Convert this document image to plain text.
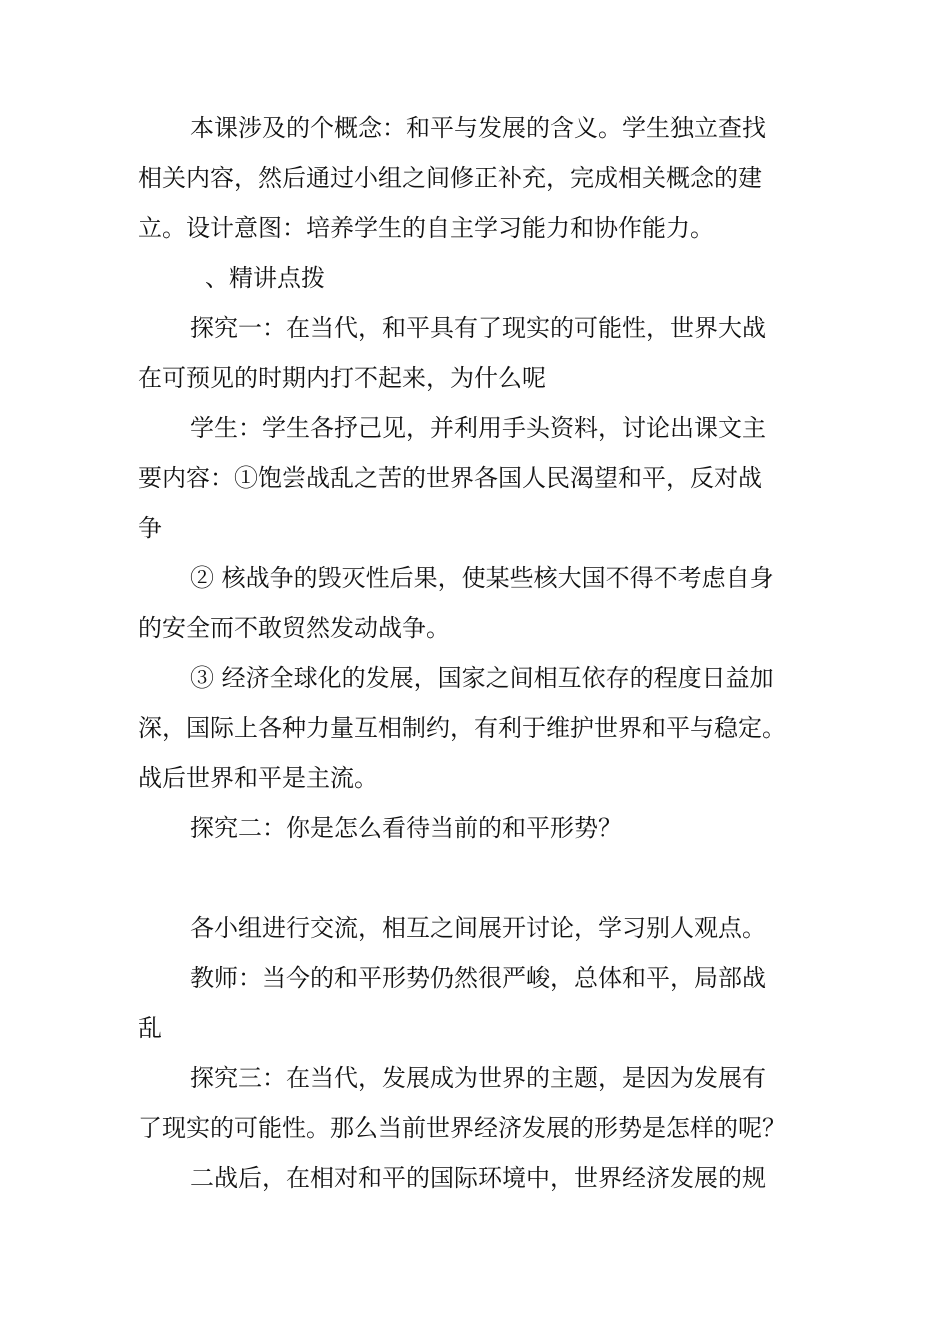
本课涉及的个概念：和平与发展的含义。学生独立查找
相关内容，然后通过小组之间修正补充，完成相关概念的建
立。设计意图：培养学生的自主学习能力和协作能力。
、精讲点拨
探究一：在当代，和平具有了现实的可能性，世界大战
在可预见的时期内打不起来，为什么呢
学生：学生各抒己见，并利用手头资料，讨论出课文主
要内容：①饱尝战乱之苦的世界各国人民渴望和平，反对战
争
② 核战争的毁灭性后果，使某些核大国不得不考虑自身
的安全而不敢贸然发动战争。
③ 经济全球化的发展，国家之间相互依存的程度日益加
深，国际上各种力量互相制约，有利于维护世界和平与稳定。
战后世界和平是主流。
探究二：你是怎么看待当前的和平形势？
各小组进行交流，相互之间展开讨论，学习别人观点。
教师：当今的和平形势仍然很严峻，总体和平，局部战
乱
探究三：在当代，发展成为世界的主题，是因为发展有
了现实的可能性。那么当前世界经济发展的形势是怎样的呢？
二战后，在相对和平的国际环境中，世界经济发展的规
